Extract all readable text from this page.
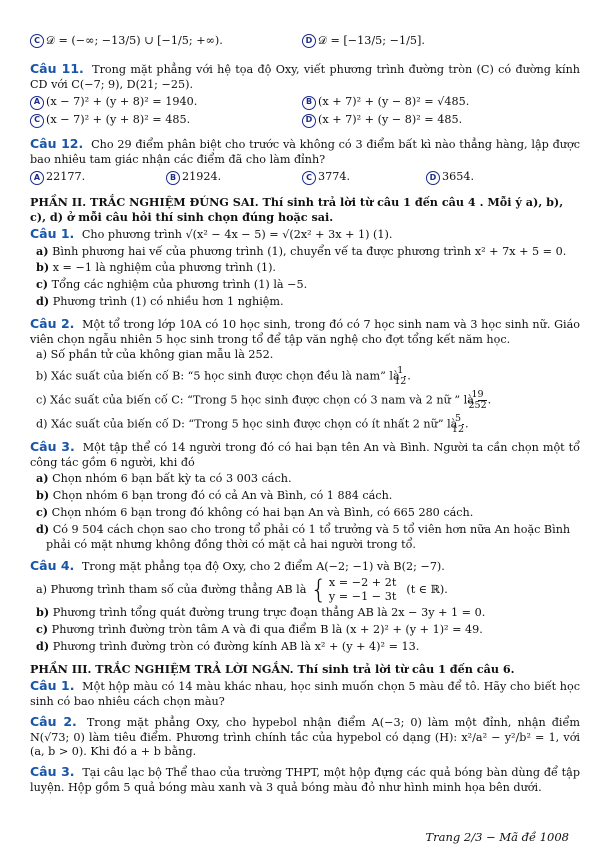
C 𝒟 = (−∞; −13/5) ∪ [−1/5; +∞).	D 𝒟 = [−13/5; −1/5].
Câu 11. Trong mặt phẳng với hệ tọa độ Oxy, viết phương trình đường tròn (C) có đường kính CD với C(−7; 9), D(21; −25).
A (x − 7)² + (y + 8)² = 1940.	B (x + 7)² + (y − 8)² = √485.
C (x − 7)² + (y + 8)² = 485.	D (x + 7)² + (y − 8)² = 485.
Câu 12. Cho 29 điểm phân biệt cho trước và không có 3 điểm bất kì nào thẳng hàng, lập được bao nhiêu tam giác nhận các điểm đã cho làm đỉnh?
A 22177.	B 21924.	C 3774.	D 3654.
PHẦN II. TRẮC NGHIỆM ĐÚNG SAI. Thí sinh trả lời từ câu 1 đến câu 4 . Mỗi ý a), b), c), d) ở mỗi câu hỏi thí sinh chọn đúng hoặc sai.
Câu 1. Cho phương trình √(x² − 4x − 5) = √(2x² + 3x + 1) (1).
a) Bình phương hai vế của phương trình (1), chuyển vế ta được phương trình x² + 7x + 5 = 0.
b) x = −1 là nghiệm của phương trình (1).
c) Tổng các nghiệm của phương trình (1) là −5.
d) Phương trình (1) có nhiều hơn 1 nghiệm.
Câu 2. Một tổ trong lớp 10A có 10 học sinh, trong đó có 7 học sinh nam và 3 học sinh nữ. Giáo viên chọn ngẫu nhiên 5 học sinh trong tổ để tập văn nghệ cho đợt tổng kết năm học.
a) Số phần tử của không gian mẫu là 252.
b) Xác suất của biến cố B: “5 học sinh được chọn đều là nam” là $\frac{1}{12}$ .
c) Xác suất của biến cố C: “Trong 5 học sinh được chọn có 3 nam và 2 nữ ” là $\frac{19}{252}$ .
d) Xác suất của biến cố D: “Trong 5 học sinh được chọn có ít nhất 2 nữ” là $\frac{5}{12}$ .
Câu 3. Một tập thể có 14 người trong đó có hai bạn tên An và Bình. Người ta cần chọn một tổ công tác gồm 6 người, khi đó
a) Chọn nhóm 6 bạn bất kỳ ta có 3 003 cách.
b) Chọn nhóm 6 bạn trong đó có cả An và Bình, có 1 884 cách.
c) Chọn nhóm 6 bạn trong đó không có hai bạn An và Bình, có 665 280 cách.
d) Có 9 504 cách chọn sao cho trong tổ phải có 1 tổ trưởng và 5 tổ viên hơn nữa An hoặc Bình phải có mặt nhưng không đồng thời có mặt cả hai người trong tổ.
Câu 4. Trong mặt phẳng tọa độ Oxy, cho 2 điểm A(−2; −1) và B(2; −7).
a) Phương trình tham số của đường thẳng AB là { x = −2 + 2t
y = −1 − 3t
(t ∈ ℝ).
b) Phương trình tổng quát đường trung trực đoạn thẳng AB là 2x − 3y + 1 = 0.
c) Phương trình đường tròn tâm A và đi qua điểm B là (x + 2)² + (y + 1)² = 49.
d) Phương trình đường tròn có đường kính AB là x² + (y + 4)² = 13.
PHẦN III. TRẮC NGHIỆM TRẢ LỜI NGẮN. Thí sinh trả lời từ câu 1 đến câu 6.
Câu 1. Một hộp màu có 14 màu khác nhau, học sinh muốn chọn 5 màu để tô. Hãy cho biết học sinh có bao nhiêu cách chọn màu?
Câu 2. Trong mặt phẳng Oxy, cho hypebol nhận điểm A(−3; 0) làm một đỉnh, nhận điểm N(√73; 0) làm tiêu điểm. Phương trình chính tắc của hypebol có dạng (H): x²/a² − y²/b² = 1, với (a, b > 0). Khi đó a + b bằng.
Câu 3. Tại câu lạc bộ Thể thao của trường THPT, một hộp đựng các quả bóng bàn dùng để tập luyện. Hộp gồm 5 quả bóng màu xanh và 3 quả bóng màu đỏ như hình minh họa bên dưới.
Trang 2/3 − Mã đề 1008
